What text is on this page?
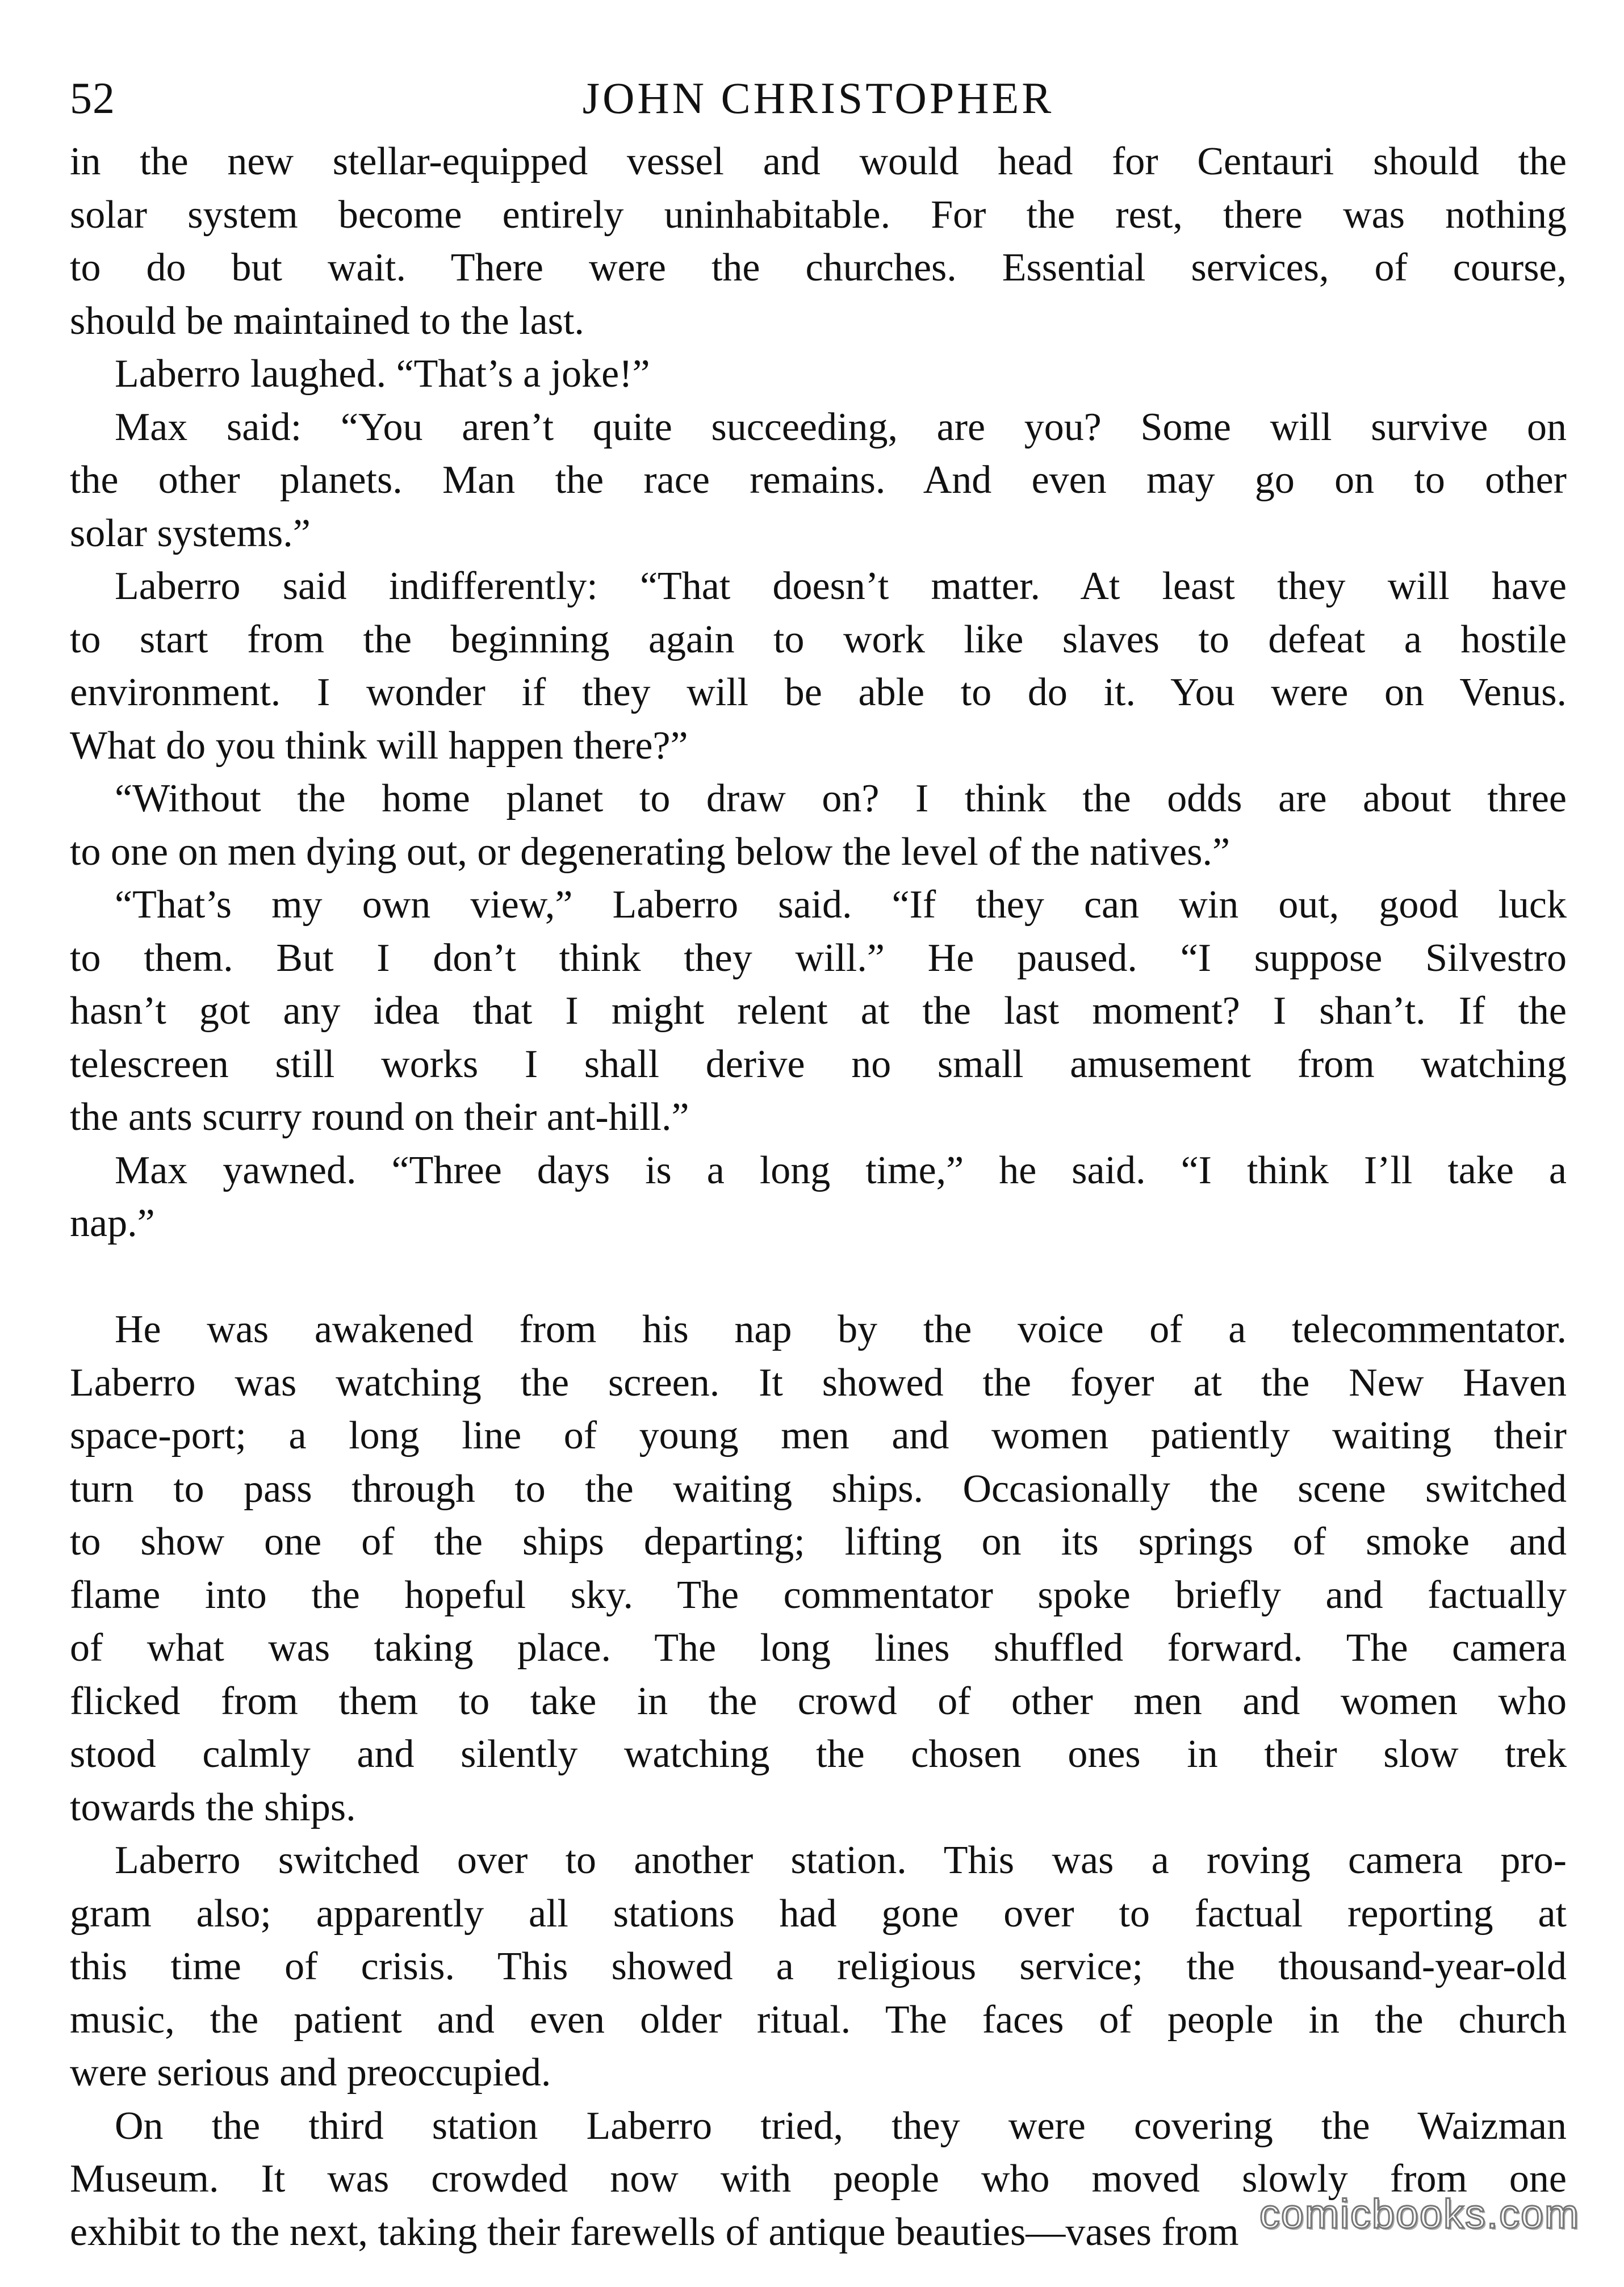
52	JOHN CHRISTOPHER
in the new stellar-equipped vessel and would head for Centauri should the
solar system become entirely uninhabitable. For the rest, there was nothing
to do but wait. There were the churches. Essential services, of course,
should be maintained to the last.
Laberro laughed. “That’s a joke!”
Max said: “You aren’t quite succeeding, are you? Some will survive on
the other planets. Man the race remains. And even may go on to other
solar systems.”
Laberro said indifferently: “That doesn’t matter. At least they will have
to start from the beginning again to work like slaves to defeat a hostile
environment. I wonder if they will be able to do it. You were on Venus.
What do you think will happen there?”
“Without the home planet to draw on? I think the odds are about three
to one on men dying out, or degenerating below the level of the natives.”
“That’s my own view,” Laberro said. “If they can win out, good luck
to them. But I don’t think they will.” He paused. “I suppose Silvestro
hasn’t got any idea that I might relent at the last moment? I shan’t. If the
telescreen still works I shall derive no small amusement from watching
the ants scurry round on their ant-hill.”
Max yawned. “Three days is a long time,” he said. “I think I’ll take a
nap.”
He was awakened from his nap by the voice of a telecommentator.
Laberro was watching the screen. It showed the foyer at the New Haven
space-port; a long line of young men and women patiently waiting their
turn to pass through to the waiting ships. Occasionally the scene switched
to show one of the ships departing; lifting on its springs of smoke and
flame into the hopeful sky. The commentator spoke briefly and factually
of what was taking place. The long lines shuffled forward. The camera
flicked from them to take in the crowd of other men and women who
stood calmly and silently watching the chosen ones in their slow trek
towards the ships.
Laberro switched over to another station. This was a roving camera pro-
gram also; apparently all stations had gone over to factual reporting at
this time of crisis. This showed a religious service; the thousand-year-old
music, the patient and even older ritual. The faces of people in the church
were serious and preoccupied.
On the third station Laberro tried, they were covering the Waizman
Museum. It was crowded now with people who moved slowly from one
exhibit to the next, taking their farewells of antique beauties—vases from comicbooks.com
